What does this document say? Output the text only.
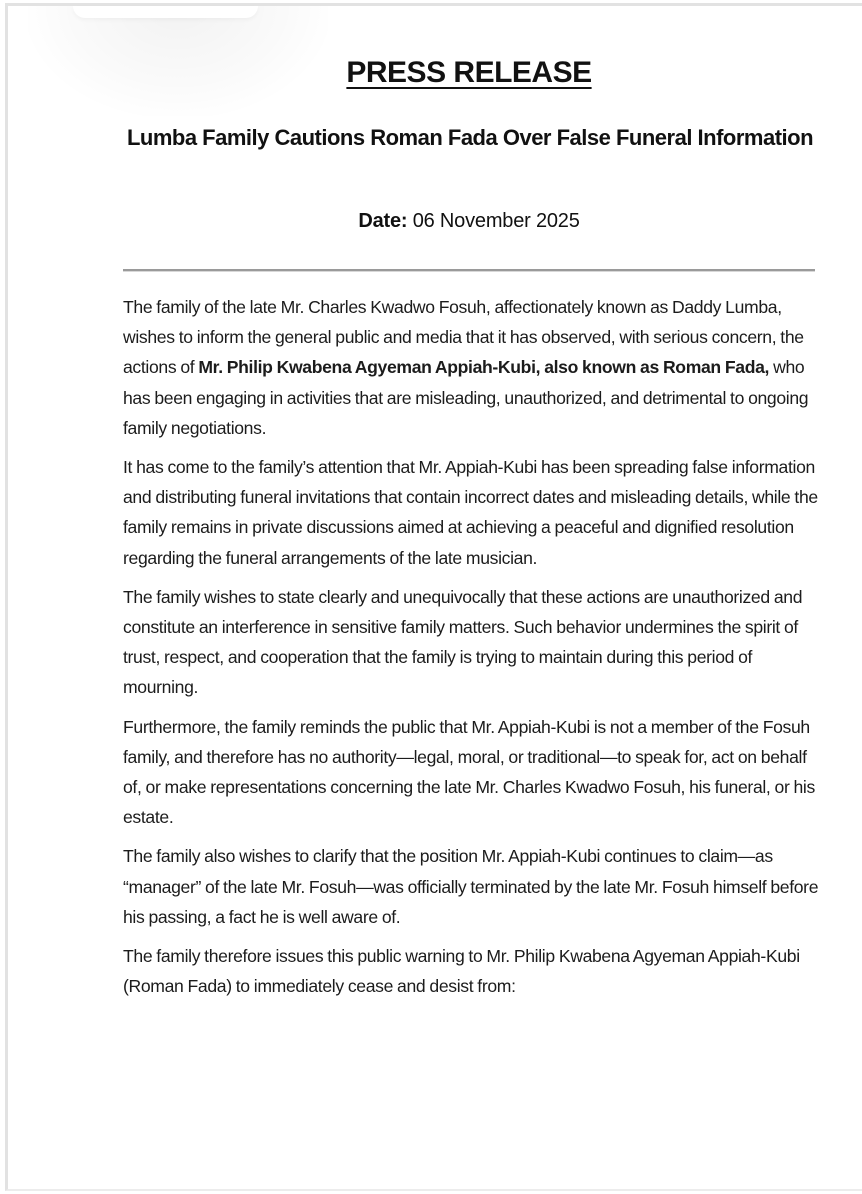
PRESS RELEASE
Lumba Family Cautions Roman Fada Over False Funeral Information
Date: 06 November 2025

The family of the late Mr. Charles Kwadwo Fosuh, affectionately known as Daddy Lumba, wishes to inform the general public and media that it has observed, with serious concern, the actions of Mr. Philip Kwabena Agyeman Appiah-Kubi, also known as Roman Fada, who has been engaging in activities that are misleading, unauthorized, and detrimental to ongoing family negotiations.

It has come to the family’s attention that Mr. Appiah-Kubi has been spreading false information and distributing funeral invitations that contain incorrect dates and misleading details, while the family remains in private discussions aimed at achieving a peaceful and dignified resolution regarding the funeral arrangements of the late musician.

The family wishes to state clearly and unequivocally that these actions are unauthorized and constitute an interference in sensitive family matters. Such behavior undermines the spirit of trust, respect, and cooperation that the family is trying to maintain during this period of mourning.

Furthermore, the family reminds the public that Mr. Appiah-Kubi is not a member of the Fosuh family, and therefore has no authority—legal, moral, or traditional—to speak for, act on behalf of, or make representations concerning the late Mr. Charles Kwadwo Fosuh, his funeral, or his estate.

The family also wishes to clarify that the position Mr. Appiah-Kubi continues to claim—as “manager” of the late Mr. Fosuh—was officially terminated by the late Mr. Fosuh himself before his passing, a fact he is well aware of.

The family therefore issues this public warning to Mr. Philip Kwabena Agyeman Appiah-Kubi (Roman Fada) to immediately cease and desist from:
